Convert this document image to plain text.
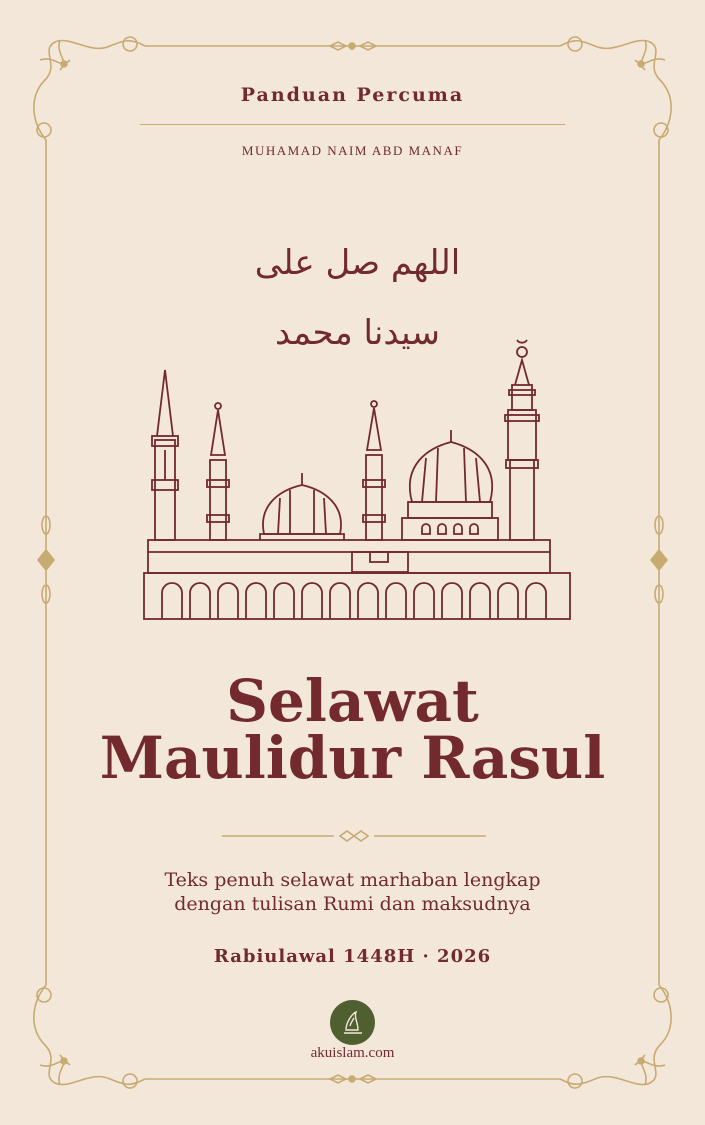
Panduan Percuma
MUHAMAD NAIM ABD MANAF
اللهم صل على سيدنا محمد
Selawat
Maulidur Rasul
Teks penuh selawat marhaban lengkap
dengan tulisan Rumi dan maksudnya
Rabiulawal 1448H · 2026
akuislam.com
